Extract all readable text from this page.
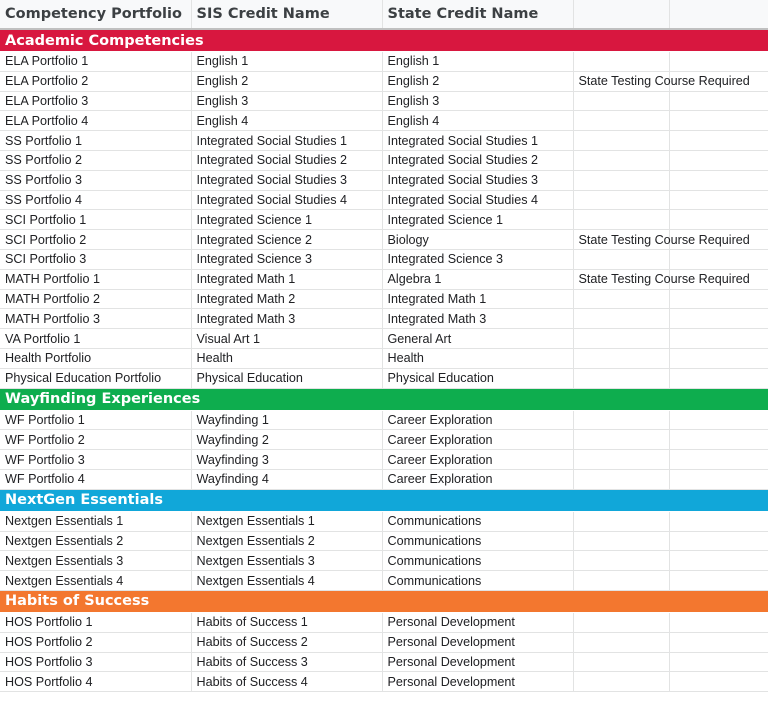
Competency Portfolio	SIS Credit Name	State Credit Name		
Academic Competencies				
ELA Portfolio 1	English 1	English 1		
ELA Portfolio 2	English 2	English 2	State Testing Course Required	
ELA Portfolio 3	English 3	English 3		
ELA Portfolio 4	English 4	English 4		
SS Portfolio 1	Integrated Social Studies 1	Integrated Social Studies 1		
SS Portfolio 2	Integrated Social Studies 2	Integrated Social Studies 2		
SS Portfolio 3	Integrated Social Studies 3	Integrated Social Studies 3		
SS Portfolio 4	Integrated Social Studies 4	Integrated Social Studies 4		
SCI Portfolio 1	Integrated Science 1	Integrated Science 1		
SCI Portfolio 2	Integrated Science 2	Biology	State Testing Course Required	
SCI Portfolio 3	Integrated Science 3	Integrated Science 3		
MATH Portfolio 1	Integrated Math 1	Algebra 1	State Testing Course Required	
MATH Portfolio 2	Integrated Math 2	Integrated Math 1		
MATH Portfolio 3	Integrated Math 3	Integrated Math 3		
VA Portfolio 1	Visual Art 1	General Art		
Health Portfolio	Health	Health		
Physical Education Portfolio	Physical Education	Physical Education		
Wayfinding Experiences				
WF Portfolio 1	Wayfinding 1	Career Exploration		
WF Portfolio 2	Wayfinding 2	Career Exploration		
WF Portfolio 3	Wayfinding 3	Career Exploration		
WF Portfolio 4	Wayfinding 4	Career Exploration		
NextGen Essentials				
Nextgen Essentials 1	Nextgen Essentials 1	Communications		
Nextgen Essentials 2	Nextgen Essentials 2	Communications		
Nextgen Essentials 3	Nextgen Essentials 3	Communications		
Nextgen Essentials 4	Nextgen Essentials 4	Communications		
Habits of Success				
HOS Portfolio 1	Habits of Success 1	Personal Development		
HOS Portfolio 2	Habits of Success 2	Personal Development		
HOS Portfolio 3	Habits of Success 3	Personal Development		
HOS Portfolio 4	Habits of Success 4	Personal Development		
